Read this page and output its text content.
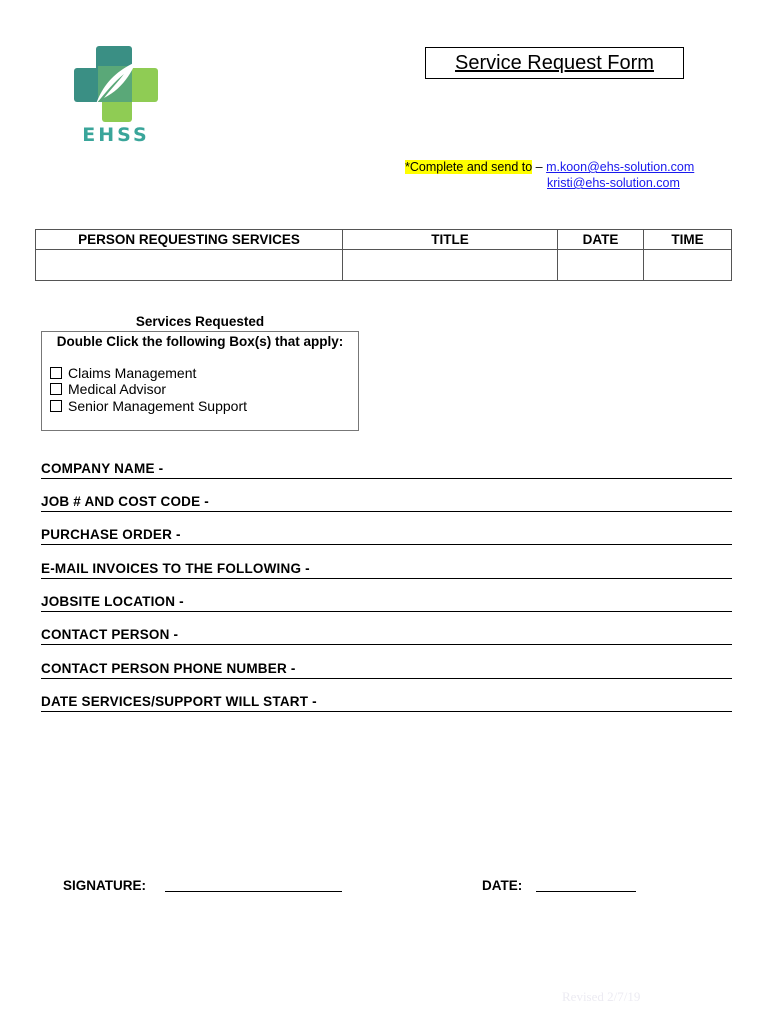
EHSS
Service Request Form
*Complete and send to – m.koon@ehs-solution.com
kristi@ehs-solution.com
PERSON REQUESTING SERVICES	TITLE	DATE	TIME

Services Requested
Double Click the following Box(s) that apply:
Claims Management
Medical Advisor
Senior Management Support
COMPANY NAME -
JOB # AND COST CODE -
PURCHASE ORDER -
E-MAIL INVOICES TO THE FOLLOWING -
JOBSITE LOCATION -
CONTACT PERSON -
CONTACT PERSON PHONE NUMBER -
DATE SERVICES/SUPPORT WILL START -
SIGNATURE:	DATE:
Revised 2/7/19
